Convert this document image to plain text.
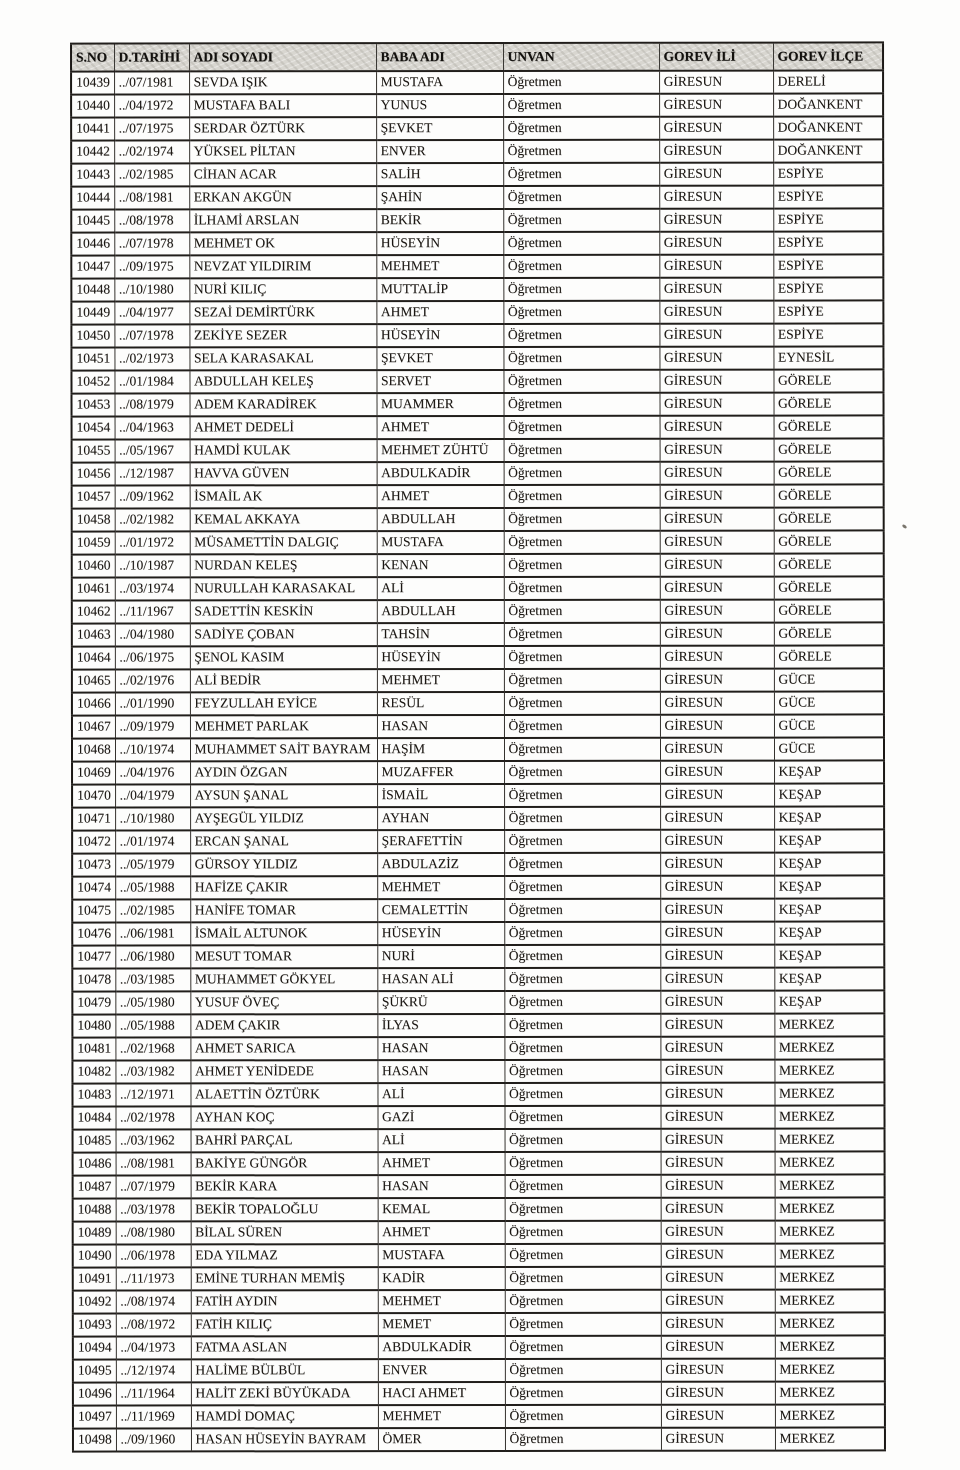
S.NO	D.TARİHİ	ADI SOYADI	BABA ADI	UNVAN	GOREV İLİ	GOREV İLÇE
10439	../07/1981	SEVDA IŞIK	MUSTAFA	Öğretmen	GİRESUN	DERELİ
10440	../04/1972	MUSTAFA BALI	YUNUS	Öğretmen	GİRESUN	DOĞANKENT
10441	../07/1975	SERDAR ÖZTÜRK	ŞEVKET	Öğretmen	GİRESUN	DOĞANKENT
10442	../02/1974	YÜKSEL PİLTAN	ENVER	Öğretmen	GİRESUN	DOĞANKENT
10443	../02/1985	CİHAN ACAR	SALİH	Öğretmen	GİRESUN	ESPİYE
10444	../08/1981	ERKAN AKGÜN	ŞAHİN	Öğretmen	GİRESUN	ESPİYE
10445	../08/1978	İLHAMİ ARSLAN	BEKİR	Öğretmen	GİRESUN	ESPİYE
10446	../07/1978	MEHMET OK	HÜSEYİN	Öğretmen	GİRESUN	ESPİYE
10447	../09/1975	NEVZAT YILDIRIM	MEHMET	Öğretmen	GİRESUN	ESPİYE
10448	../10/1980	NURİ KILIÇ	MUTTALİP	Öğretmen	GİRESUN	ESPİYE
10449	../04/1977	SEZAİ DEMİRTÜRK	AHMET	Öğretmen	GİRESUN	ESPİYE
10450	../07/1978	ZEKİYE SEZER	HÜSEYİN	Öğretmen	GİRESUN	ESPİYE
10451	../02/1973	SELA KARASAKAL	ŞEVKET	Öğretmen	GİRESUN	EYNESİL
10452	../01/1984	ABDULLAH KELEŞ	SERVET	Öğretmen	GİRESUN	GÖRELE
10453	../08/1979	ADEM KARADİREK	MUAMMER	Öğretmen	GİRESUN	GÖRELE
10454	../04/1963	AHMET DEDELİ	AHMET	Öğretmen	GİRESUN	GÖRELE
10455	../05/1967	HAMDİ KULAK	MEHMET ZÜHTÜ	Öğretmen	GİRESUN	GÖRELE
10456	../12/1987	HAVVA GÜVEN	ABDULKADİR	Öğretmen	GİRESUN	GÖRELE
10457	../09/1962	İSMAİL AK	AHMET	Öğretmen	GİRESUN	GÖRELE
10458	../02/1982	KEMAL AKKAYA	ABDULLAH	Öğretmen	GİRESUN	GÖRELE
10459	../01/1972	MÜSAMETTİN DALGIÇ	MUSTAFA	Öğretmen	GİRESUN	GÖRELE
10460	../10/1987	NURDAN KELEŞ	KENAN	Öğretmen	GİRESUN	GÖRELE
10461	../03/1974	NURULLAH KARASAKAL	ALİ	Öğretmen	GİRESUN	GÖRELE
10462	../11/1967	SADETTİN KESKİN	ABDULLAH	Öğretmen	GİRESUN	GÖRELE
10463	../04/1980	SADİYE ÇOBAN	TAHSİN	Öğretmen	GİRESUN	GÖRELE
10464	../06/1975	ŞENOL KASIM	HÜSEYİN	Öğretmen	GİRESUN	GÖRELE
10465	../02/1976	ALİ BEDİR	MEHMET	Öğretmen	GİRESUN	GÜCE
10466	../01/1990	FEYZULLAH EYİCE	RESÜL	Öğretmen	GİRESUN	GÜCE
10467	../09/1979	MEHMET PARLAK	HASAN	Öğretmen	GİRESUN	GÜCE
10468	../10/1974	MUHAMMET SAİT BAYRAM	HAŞİM	Öğretmen	GİRESUN	GÜCE
10469	../04/1976	AYDIN ÖZGAN	MUZAFFER	Öğretmen	GİRESUN	KEŞAP
10470	../04/1979	AYSUN ŞANAL	İSMAİL	Öğretmen	GİRESUN	KEŞAP
10471	../10/1980	AYŞEGÜL YILDIZ	AYHAN	Öğretmen	GİRESUN	KEŞAP
10472	../01/1974	ERCAN ŞANAL	ŞERAFETTİN	Öğretmen	GİRESUN	KEŞAP
10473	../05/1979	GÜRSOY YILDIZ	ABDULAZİZ	Öğretmen	GİRESUN	KEŞAP
10474	../05/1988	HAFİZE ÇAKIR	MEHMET	Öğretmen	GİRESUN	KEŞAP
10475	../02/1985	HANİFE TOMAR	CEMALETTİN	Öğretmen	GİRESUN	KEŞAP
10476	../06/1981	İSMAİL ALTUNOK	HÜSEYİN	Öğretmen	GİRESUN	KEŞAP
10477	../06/1980	MESUT TOMAR	NURİ	Öğretmen	GİRESUN	KEŞAP
10478	../03/1985	MUHAMMET GÖKYEL	HASAN ALİ	Öğretmen	GİRESUN	KEŞAP
10479	../05/1980	YUSUF ÖVEÇ	ŞÜKRÜ	Öğretmen	GİRESUN	KEŞAP
10480	../05/1988	ADEM ÇAKIR	İLYAS	Öğretmen	GİRESUN	MERKEZ
10481	../02/1968	AHMET SARICA	HASAN	Öğretmen	GİRESUN	MERKEZ
10482	../03/1982	AHMET YENİDEDE	HASAN	Öğretmen	GİRESUN	MERKEZ
10483	../12/1971	ALAETTİN ÖZTÜRK	ALİ	Öğretmen	GİRESUN	MERKEZ
10484	../02/1978	AYHAN KOÇ	GAZİ	Öğretmen	GİRESUN	MERKEZ
10485	../03/1962	BAHRİ PARÇAL	ALİ	Öğretmen	GİRESUN	MERKEZ
10486	../08/1981	BAKİYE GÜNGÖR	AHMET	Öğretmen	GİRESUN	MERKEZ
10487	../07/1979	BEKİR KARA	HASAN	Öğretmen	GİRESUN	MERKEZ
10488	../03/1978	BEKİR TOPALOĞLU	KEMAL	Öğretmen	GİRESUN	MERKEZ
10489	../08/1980	BİLAL SÜREN	AHMET	Öğretmen	GİRESUN	MERKEZ
10490	../06/1978	EDA YILMAZ	MUSTAFA	Öğretmen	GİRESUN	MERKEZ
10491	../11/1973	EMİNE TURHAN MEMİŞ	KADİR	Öğretmen	GİRESUN	MERKEZ
10492	../08/1974	FATİH AYDIN	MEHMET	Öğretmen	GİRESUN	MERKEZ
10493	../08/1972	FATİH KILIÇ	MEMET	Öğretmen	GİRESUN	MERKEZ
10494	../04/1973	FATMA ASLAN	ABDULKADİR	Öğretmen	GİRESUN	MERKEZ
10495	../12/1974	HALİME BÜLBÜL	ENVER	Öğretmen	GİRESUN	MERKEZ
10496	../11/1964	HALİT ZEKİ BÜYÜKADA	HACI AHMET	Öğretmen	GİRESUN	MERKEZ
10497	../11/1969	HAMDİ DOMAÇ	MEHMET	Öğretmen	GİRESUN	MERKEZ
10498	../09/1960	HASAN HÜSEYİN BAYRAM	ÖMER	Öğretmen	GİRESUN	MERKEZ
